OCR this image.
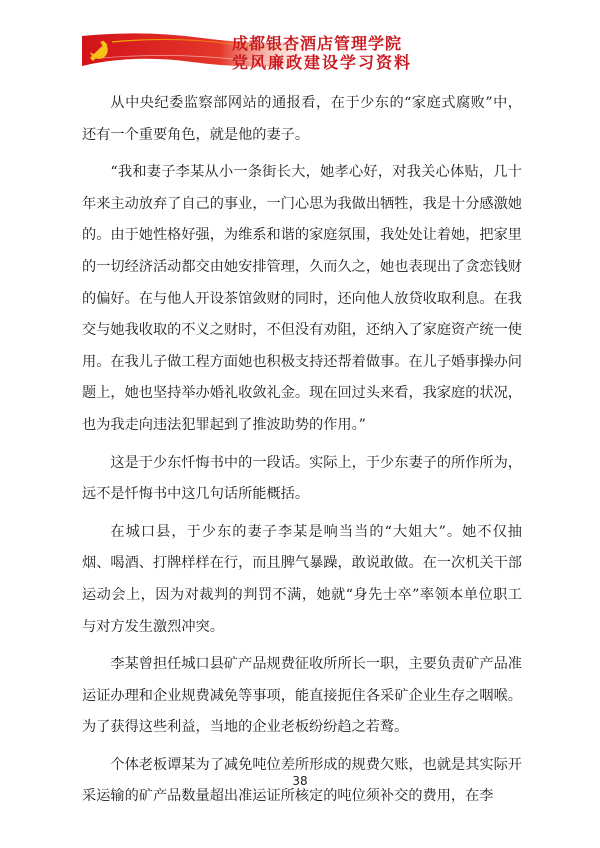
成都银杏酒店管理学院
党风廉政建设学习资料

从中央纪委监察部网站的通报看，在于少东的“家庭式腐败”中，还有一个重要角色，就是他的妻子。

“我和妻子李某从小一条街长大，她孝心好，对我关心体贴，几十年来主动放弃了自己的事业，一门心思为我做出牺牲，我是十分感激她的。由于她性格好强，为维系和谐的家庭氛围，我处处让着她，把家里的一切经济活动都交由她安排管理，久而久之，她也表现出了贪恋钱财的偏好。在与他人开设茶馆敛财的同时，还向他人放贷收取利息。在我交与她我收取的不义之财时，不但没有劝阻，还纳入了家庭资产统一使用。在我儿子做工程方面她也积极支持还帮着做事。在儿子婚事操办问题上，她也坚持举办婚礼收敛礼金。现在回过头来看，我家庭的状况，也为我走向违法犯罪起到了推波助势的作用。”

这是于少东忏悔书中的一段话。实际上，于少东妻子的所作所为，远不是忏悔书中这几句话所能概括。

在城口县，于少东的妻子李某是响当当的“大姐大”。她不仅抽烟、喝酒、打牌样样在行，而且脾气暴躁，敢说敢做。在一次机关干部运动会上，因为对裁判的判罚不满，她就“身先士卒”率领本单位职工与对方发生激烈冲突。

李某曾担任城口县矿产品规费征收所所长一职，主要负责矿产品准运证办理和企业规费减免等事项，能直接扼住各采矿企业生存之咽喉。为了获得这些利益，当地的企业老板纷纷趋之若鹜。

个体老板谭某为了减免吨位差所形成的规费欠账，也就是其实际开采运输的矿产品数量超出准运证所核定的吨位须补交的费用，在李

38
